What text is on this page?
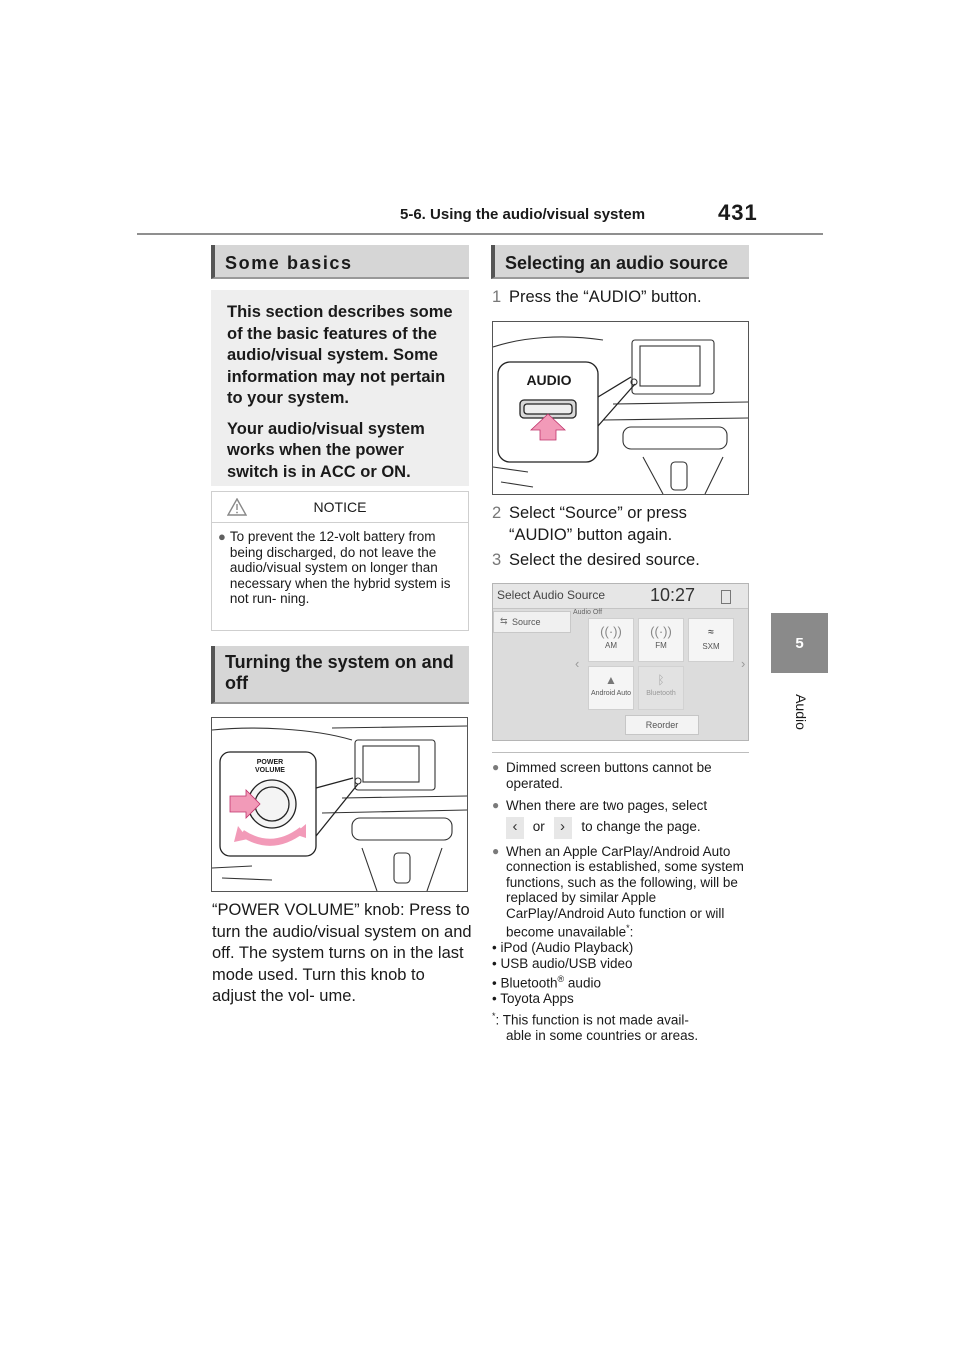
5-6. Using the audio/visual system	431
5
Audio
Some basics

This section describes some of the basic features of the audio/visual system. Some information may not pertain to your system.

Your audio/visual system works when the power switch is in ACC or ON.

NOTICE
● To prevent the 12-volt battery from being discharged, do not leave the audio/visual system on longer than necessary when the hybrid system is not run- ning.
Turning the system on and off
POWER VOLUME
“POWER VOLUME” knob: Press to turn the audio/visual system on and off. The system turns on in the last mode used. Turn this knob to adjust the vol- ume.
Selecting an audio source
1 Press the “AUDIO” button.
AUDIO
2 Select “Source” or press “AUDIO” button again.
3 Select the desired source.
Select Audio Source 10:27
⇆ Source
Audio Off
‹	›
((·))
AM
((·))
FM
≈
SXM
▲
Android Auto
ᛒ
Bluetooth
Reorder
● Dimmed screen buttons cannot be operated.
● When there are two pages, select
‹ or › to change the page.
● When an Apple CarPlay/Android Auto connection is established, some system functions, such as the following, will be replaced by similar Apple CarPlay/Android Auto function or will become unavailable*:
• iPod (Audio Playback)
• USB audio/USB video
• Bluetooth® audio
• Toyota Apps
*: This function is not made avail-
able in some countries or areas.
